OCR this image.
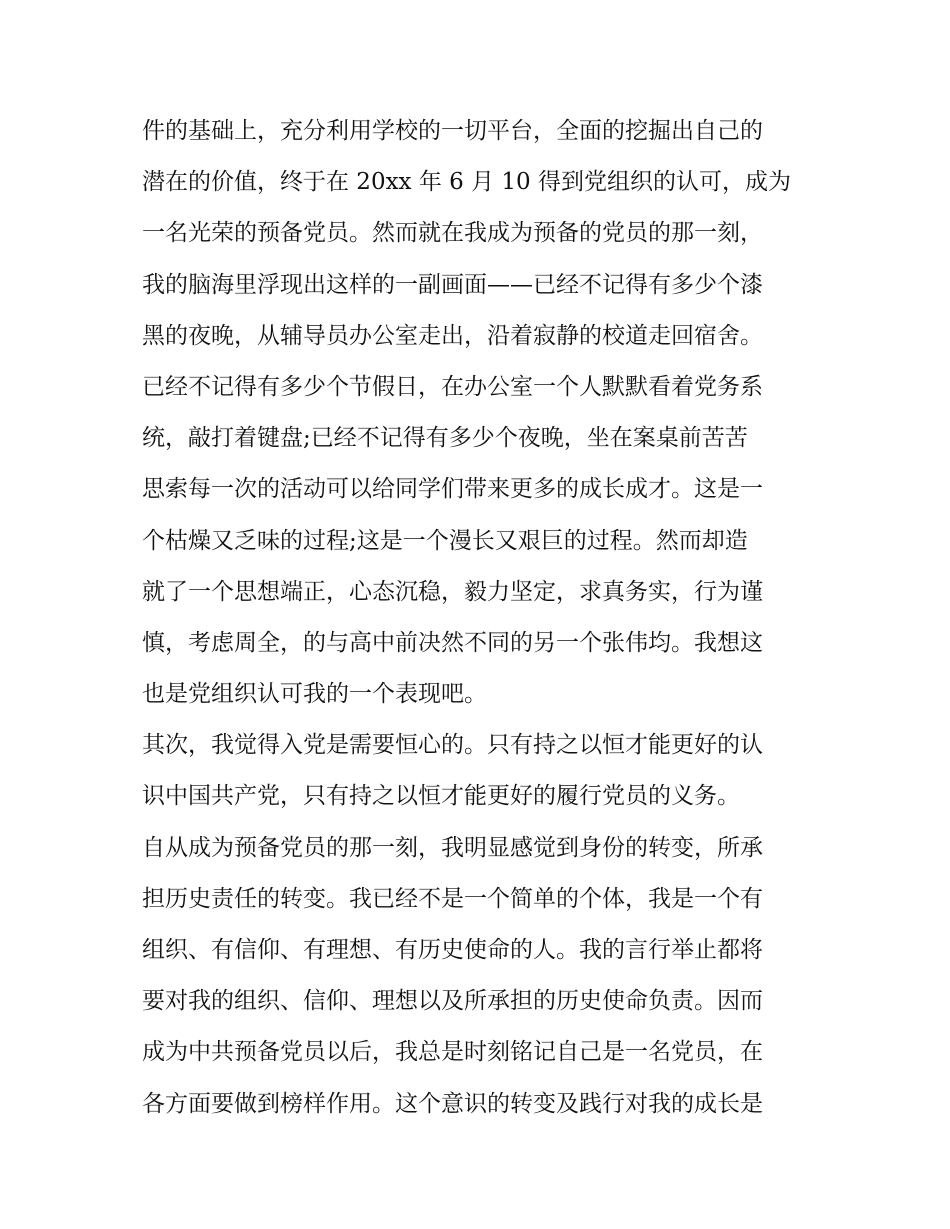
件的基础上，充分利用学校的一切平台，全面的挖掘出自己的
潜在的价值，终于在 20xx 年 6 月 10 得到党组织的认可，成为
一名光荣的预备党员。然而就在我成为预备的党员的那一刻，
我的脑海里浮现出这样的一副画面——已经不记得有多少个漆
黑的夜晚，从辅导员办公室走出，沿着寂静的校道走回宿舍。
已经不记得有多少个节假日，在办公室一个人默默看着党务系
统，敲打着键盘;已经不记得有多少个夜晚，坐在案桌前苦苦
思索每一次的活动可以给同学们带来更多的成长成才。这是一
个枯燥又乏味的过程;这是一个漫长又艰巨的过程。然而却造
就了一个思想端正，心态沉稳，毅力坚定，求真务实，行为谨
慎，考虑周全，的与高中前决然不同的另一个张伟均。我想这
也是党组织认可我的一个表现吧。
其次，我觉得入党是需要恒心的。只有持之以恒才能更好的认
识中国共产党，只有持之以恒才能更好的履行党员的义务。
自从成为预备党员的那一刻，我明显感觉到身份的转变，所承
担历史责任的转变。我已经不是一个简单的个体，我是一个有
组织、有信仰、有理想、有历史使命的人。我的言行举止都将
要对我的组织、信仰、理想以及所承担的历史使命负责。因而
成为中共预备党员以后，我总是时刻铭记自己是一名党员，在
各方面要做到榜样作用。这个意识的转变及践行对我的成长是
